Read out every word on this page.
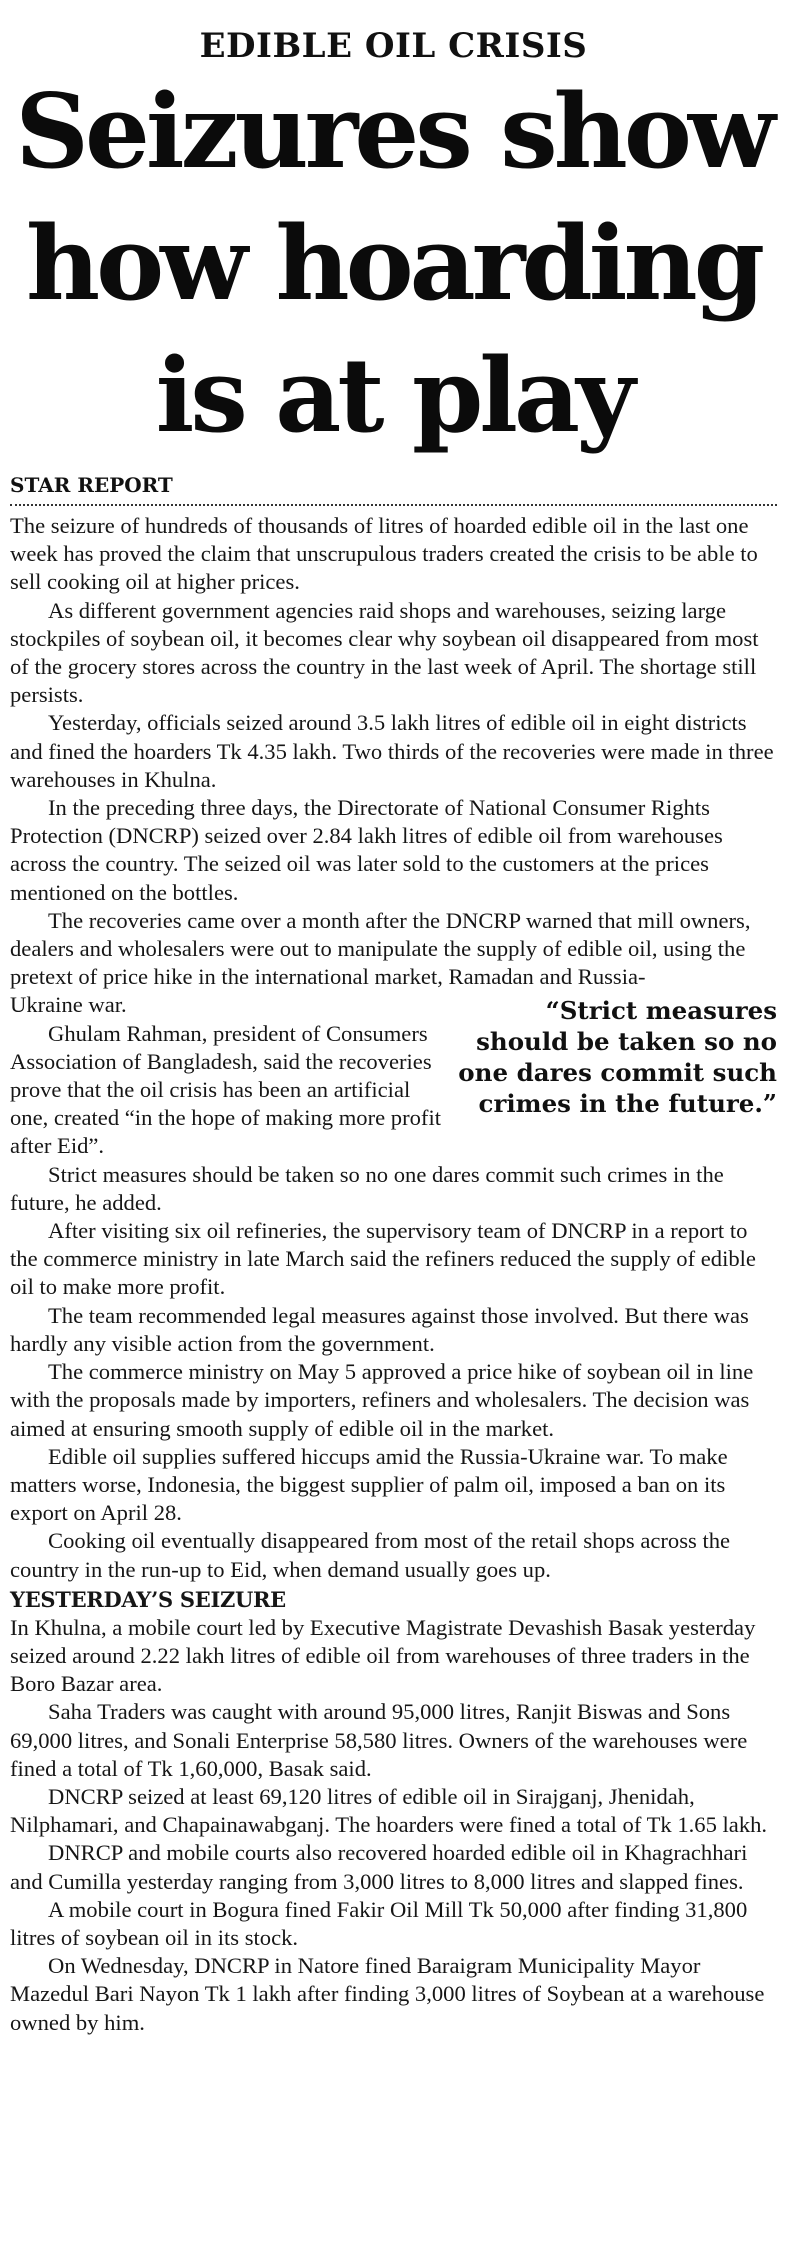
EDIBLE OIL CRISIS
Seizures show
how hoarding
is at play
STAR REPORT

The seizure of hundreds of thousands of litres of hoarded edible oil in the last one week has proved the claim that unscrupulous traders created the crisis to be able to sell cooking oil at higher prices.

As different government agencies raid shops and warehouses, seizing large stockpiles of soybean oil, it becomes clear why soybean oil disappeared from most of the grocery stores across the country in the last week of April. The shortage still persists.

Yesterday, officials seized around 3.5 lakh litres of edible oil in eight districts and fined the hoarders Tk 4.35 lakh. Two thirds of the recoveries were made in three warehouses in Khulna.

In the preceding three days, the Directorate of National Consumer Rights Protection (DNCRP) seized over 2.84 lakh litres of edible oil from warehouses across the country. The seized oil was later sold to the customers at the prices mentioned on the bottles.

The recoveries came over a month after the DNCRP warned that mill owners, dealers and wholesalers were out to manipulate the supply of edible oil, using the pretext of price hike in the international market, Ramadan and Russia-

“Strict measures should be taken so no one dares commit such crimes in the future.”

Ukraine war.

Ghulam Rahman, president of Consumers Association of Bangladesh, said the recoveries prove that the oil crisis has been an artificial one, created “in the hope of making more profit after Eid”.

Strict measures should be taken so no one dares commit such crimes in the future, he added.

After visiting six oil refineries, the supervisory team of DNCRP in a report to the commerce ministry in late March said the refiners reduced the supply of edible oil to make more profit.

The team recommended legal measures against those involved. But there was hardly any visible action from the government.

The commerce ministry on May 5 approved a price hike of soybean oil in line with the proposals made by importers, refiners and wholesalers. The decision was aimed at ensuring smooth supply of edible oil in the market.

Edible oil supplies suffered hiccups amid the Russia-Ukraine war. To make matters worse, Indonesia, the biggest supplier of palm oil, imposed a ban on its export on April 28.

Cooking oil eventually disappeared from most of the retail shops across the country in the run-up to Eid, when demand usually goes up.

YESTERDAY’S SEIZURE

In Khulna, a mobile court led by Executive Magistrate Devashish Basak yesterday seized around 2.22 lakh litres of edible oil from warehouses of three traders in the Boro Bazar area.

Saha Traders was caught with around 95,000 litres, Ranjit Biswas and Sons 69,000 litres, and Sonali Enterprise 58,580 litres. Owners of the warehouses were fined a total of Tk 1,60,000, Basak said.

DNCRP seized at least 69,120 litres of edible oil in Sirajganj, Jhenidah, Nilphamari, and Chapainawabganj. The hoarders were fined a total of Tk 1.65 lakh.

DNRCP and mobile courts also recovered hoarded edible oil in Khagrachhari and Cumilla yesterday ranging from 3,000 litres to 8,000 litres and slapped fines.

A mobile court in Bogura fined Fakir Oil Mill Tk 50,000 after finding 31,800 litres of soybean oil in its stock.

On Wednesday, DNCRP in Natore fined Baraigram Municipality Mayor Mazedul Bari Nayon Tk 1 lakh after finding 3,000 litres of Soybean at a warehouse owned by him.
